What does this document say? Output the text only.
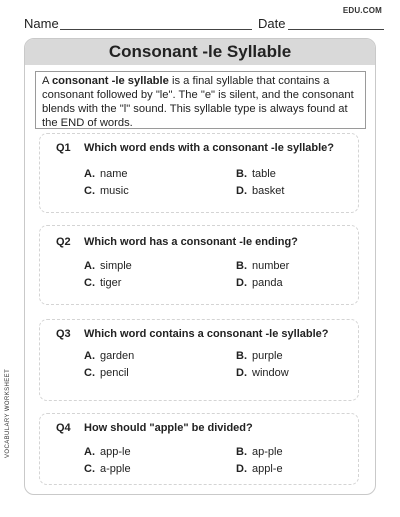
EDU.COM
Name	Date
Consonant -le Syllable
A consonant -le syllable is a final syllable that contains a consonant followed by "le". The "e" is silent, and the consonant blends with the "l" sound. This syllable type is always found at the END of words.
Q1 Which word ends with a consonant -le syllable?
A. name	B. table
C. music	D. basket
Q2 Which word has a consonant -le ending?
A. simple	B. number
C. tiger	D. panda
Q3 Which word contains a consonant -le syllable?
A. garden	B. purple
C. pencil	D. window
Q4 How should "apple" be divided?
A. app-le	B. ap-ple
C. a-pple	D. appl-e
VOCABULARY WORKSHEET
